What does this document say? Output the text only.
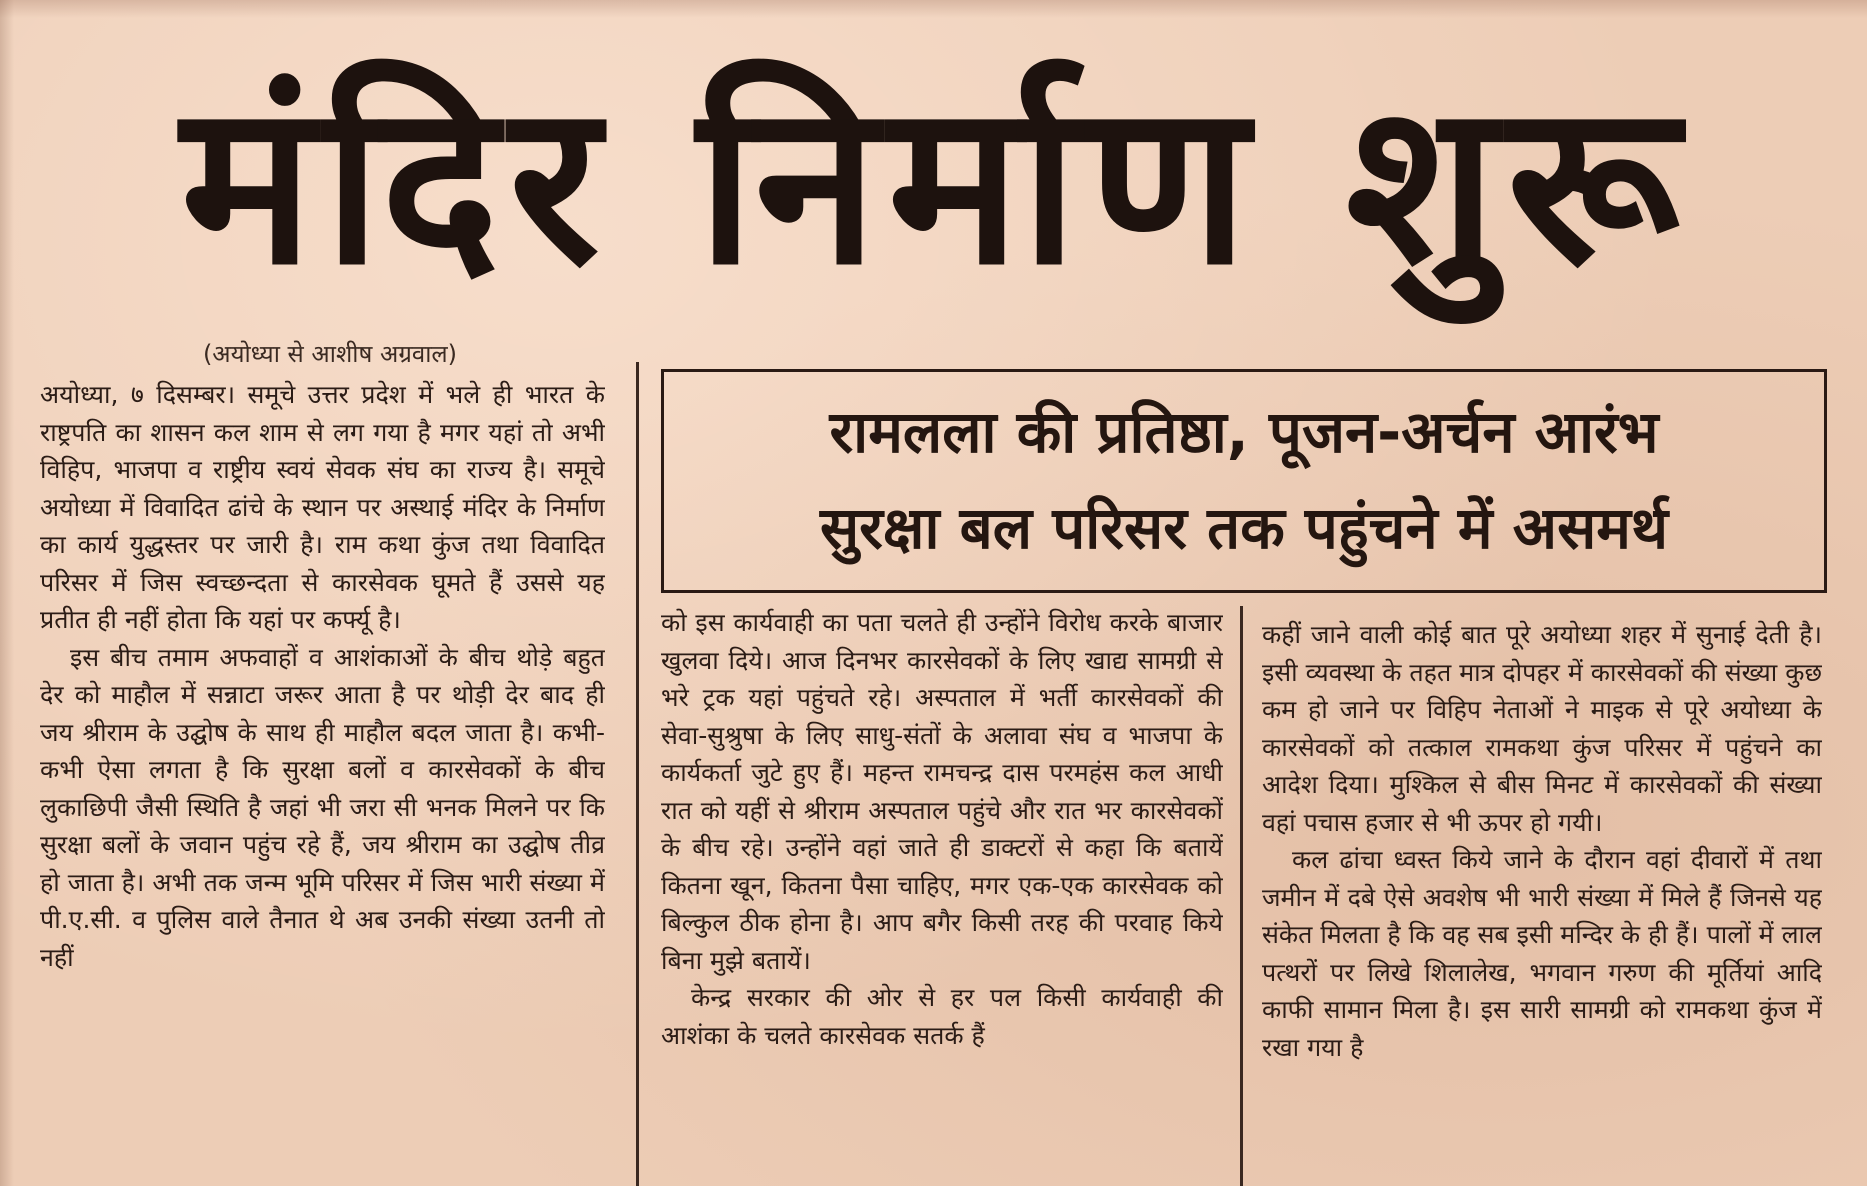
मंदिर निर्माण शुरू
(अयोध्या से आशीष अग्रवाल)

अयोध्या, ७ दिसम्बर। समूचे उत्तर प्रदेश में भले ही भारत के राष्ट्रपति का शासन कल शाम से लग गया है मगर यहां तो अभी विहिप, भाजपा व राष्ट्रीय स्वयं सेवक संघ का राज्य है। समूचे अयोध्या में विवादित ढांचे के स्थान पर अस्थाई मंदिर के निर्माण का कार्य युद्धस्तर पर जारी है। राम कथा कुंज तथा विवादित परिसर में जिस स्वच्छन्दता से कारसेवक घूमते हैं उससे यह प्रतीत ही नहीं होता कि यहां पर कर्फ्यू है।

इस बीच तमाम अफवाहों व आशंकाओं के बीच थोड़े बहुत देर को माहौल में सन्नाटा जरूर आता है पर थोड़ी देर बाद ही जय श्रीराम के उद्घोष के साथ ही माहौल बदल जाता है। कभी-कभी ऐसा लगता है कि सुरक्षा बलों व कारसेवकों के बीच लुकाछिपी जैसी स्थिति है जहां भी जरा सी भनक मिलने पर कि सुरक्षा बलों के जवान पहुंच रहे हैं, जय श्रीराम का उद्घोष तीव्र हो जाता है। अभी तक जन्म भूमि परिसर में जिस भारी संख्या में पी.ए.सी. व पुलिस वाले तैनात थे अब उनकी संख्या उतनी तो नहीं

रामलला की प्रतिष्ठा, पूजन-अर्चन आरंभ
सुरक्षा बल परिसर तक पहुंचने में असमर्थ

को इस कार्यवाही का पता चलते ही उन्होंने विरोध करके बाजार खुलवा दिये। आज दिनभर कारसेवकों के लिए खाद्य सामग्री से भरे ट्रक यहां पहुंचते रहे। अस्पताल में भर्ती कारसेवकों की सेवा-सुश्रुषा के लिए साधु-संतों के अलावा संघ व भाजपा के कार्यकर्ता जुटे हुए हैं। महन्त रामचन्द्र दास परमहंस कल आधी रात को यहीं से श्रीराम अस्पताल पहुंचे और रात भर कारसेवकों के बीच रहे। उन्होंने वहां जाते ही डाक्टरों से कहा कि बतायें कितना खून, कितना पैसा चाहिए, मगर एक-एक कारसेवक को बिल्कुल ठीक होना है। आप बगैर किसी तरह की परवाह किये बिना मुझे बतायें।

केन्द्र सरकार की ओर से हर पल किसी कार्यवाही की आशंका के चलते कारसेवक सतर्क हैं

कहीं जाने वाली कोई बात पूरे अयोध्या शहर में सुनाई देती है। इसी व्यवस्था के तहत मात्र दोपहर में कारसेवकों की संख्या कुछ कम हो जाने पर विहिप नेताओं ने माइक से पूरे अयोध्या के कारसेवकों को तत्काल रामकथा कुंज परिसर में पहुंचने का आदेश दिया। मुश्किल से बीस मिनट में कारसेवकों की संख्या वहां पचास हजार से भी ऊपर हो गयी।

कल ढांचा ध्वस्त किये जाने के दौरान वहां दीवारों में तथा जमीन में दबे ऐसे अवशेष भी भारी संख्या में मिले हैं जिनसे यह संकेत मिलता है कि वह सब इसी मन्दिर के ही हैं। पालों में लाल पत्थरों पर लिखे शिलालेख, भगवान गरुण की मूर्तियां आदि काफी सामान मिला है। इस सारी सामग्री को रामकथा कुंज में रखा गया है
